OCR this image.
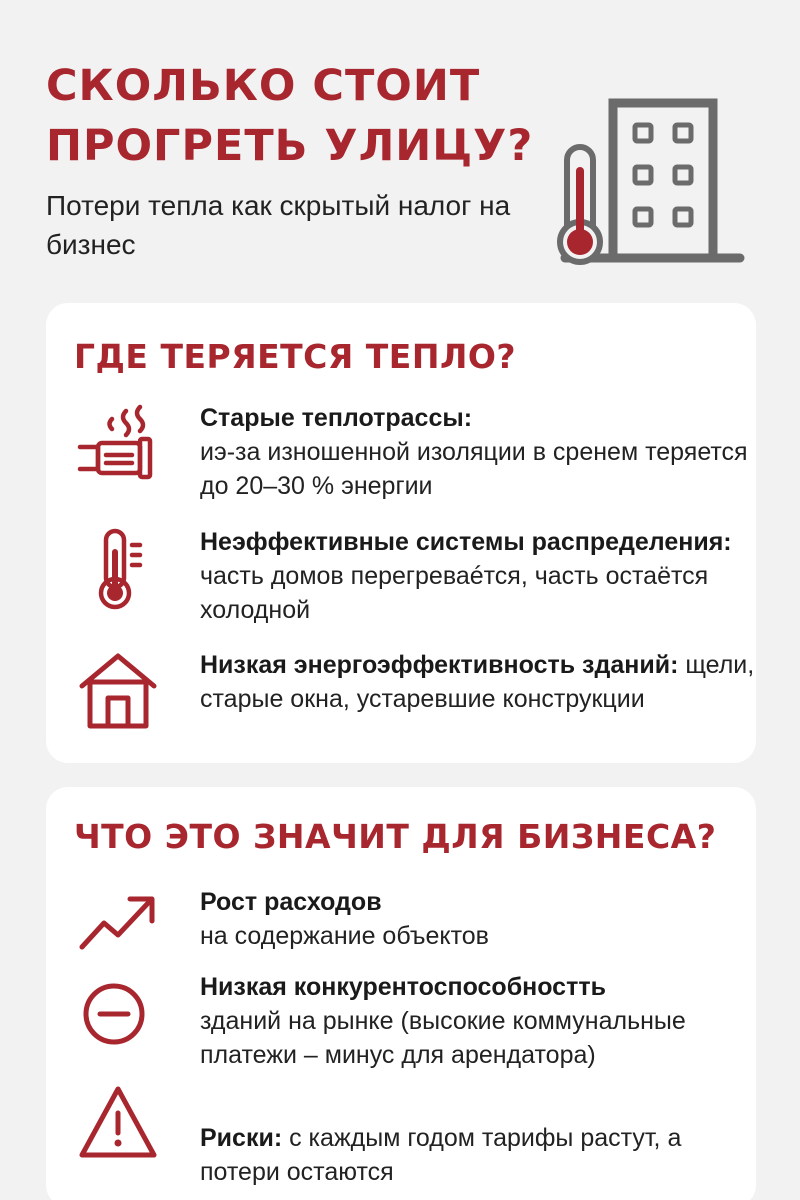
СКОЛЬКО СТОИТ
ПРОГРЕТЬ УЛИЦУ?

Потери тепла как скрытый налог на бизнес

ГДЕ ТЕРЯЕТСЯ ТЕПЛО?
Старые теплотрассы:
иэ-за изношенной изоляции в сренем теряется до 20–30 % энергии
Неэффективные системы распределения: часть домов перегреваéтся, часть остаётся холодной
Низкая энергоэффективность зданий: щели, старые окна, устаревшие конструкции
ЧТО ЭТО ЗНАЧИТ ДЛЯ БИЗНЕСА?
Рост расходов
на содержание объектов
Низкая конкурентоспособностть
зданий на рынке (высокие коммунальные платежи – минус для арендатора)
Риски: с каждым годом тарифы растут, а потери остаются
